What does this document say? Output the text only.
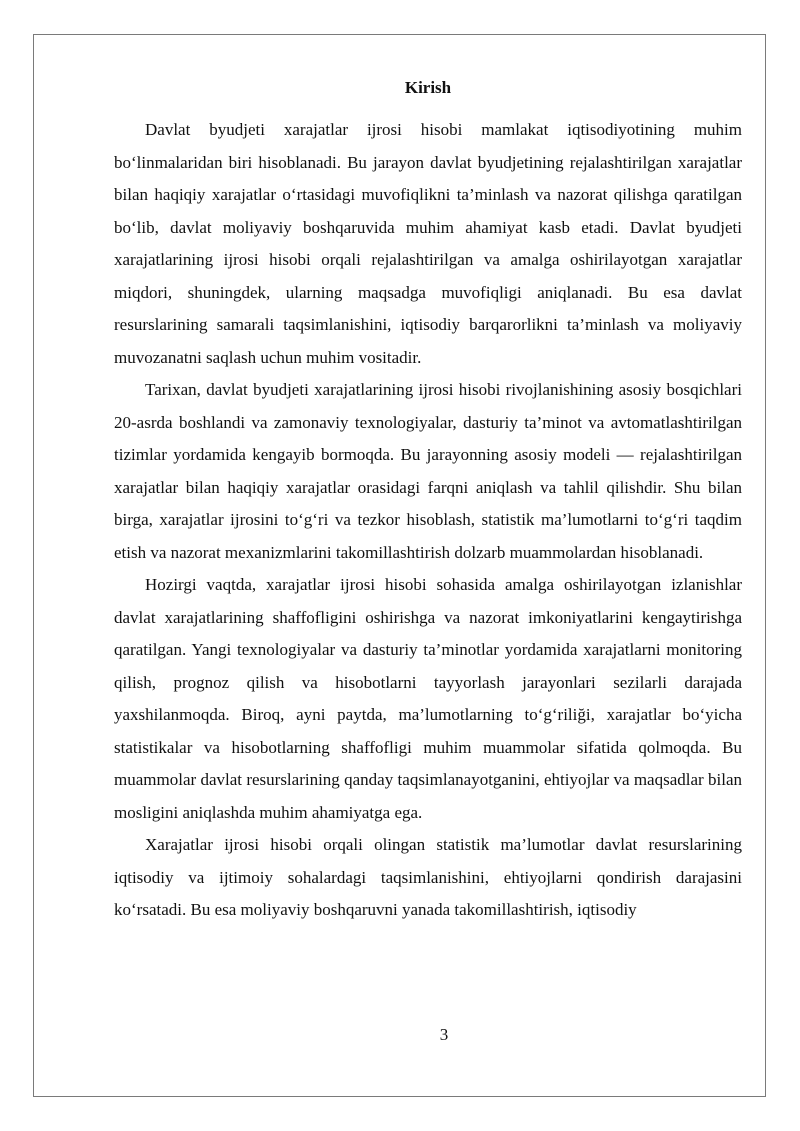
Kirish

Davlat byudjeti xarajatlar ijrosi hisobi mamlakat iqtisodiyotining muhim bo‘linmalaridan biri hisoblanadi. Bu jarayon davlat byudjetining rejalashtirilgan xarajatlar bilan haqiqiy xarajatlar o‘rtasidagi muvofiqlikni ta’minlash va nazorat qilishga qaratilgan bo‘lib, davlat moliyaviy boshqaruvida muhim ahamiyat kasb etadi. Davlat byudjeti xarajatlarining ijrosi hisobi orqali rejalashtirilgan va amalga oshirilayotgan xarajatlar miqdori, shuningdek, ularning maqsadga muvofiqligi aniqlanadi. Bu esa davlat resurslarining samarali taqsimlanishini, iqtisodiy barqarorlikni ta’minlash va moliyaviy muvozanatni saqlash uchun muhim vositadir.

Tarixan, davlat byudjeti xarajatlarining ijrosi hisobi rivojlanishining asosiy bosqichlari 20-asrda boshlandi va zamonaviy texnologiyalar, dasturiy ta’minot va avtomatlashtirilgan tizimlar yordamida kengayib bormoqda. Bu jarayonning asosiy modeli — rejalashtirilgan xarajatlar bilan haqiqiy xarajatlar orasidagi farqni aniqlash va tahlil qilishdir. Shu bilan birga, xarajatlar ijrosini to‘g‘ri va tezkor hisoblash, statistik ma’lumotlarni to‘g‘ri taqdim etish va nazorat mexanizmlarini takomillashtirish dolzarb muammolardan hisoblanadi.

Hozirgi vaqtda, xarajatlar ijrosi hisobi sohasida amalga oshirilayotgan izlanishlar davlat xarajatlarining shaffofligini oshirishga va nazorat imkoniyatlarini kengaytirishga qaratilgan. Yangi texnologiyalar va dasturiy ta’minotlar yordamida xarajatlarni monitoring qilish, prognoz qilish va hisobotlarni tayyorlash jarayonlari sezilarli darajada yaxshilanmoqda. Biroq, ayni paytda, ma’lumotlarning to‘g‘riliği, xarajatlar bo‘yicha statistikalar va hisobotlarning shaffofligi muhim muammolar sifatida qolmoqda. Bu muammolar davlat resurslarining qanday taqsimlanayotganini, ehtiyojlar va maqsadlar bilan mosligini aniqlashda muhim ahamiyatga ega.

Xarajatlar ijrosi hisobi orqali olingan statistik ma’lumotlar davlat resurslarining iqtisodiy va ijtimoiy sohalardagi taqsimlanishini, ehtiyojlarni qondirish darajasini ko‘rsatadi. Bu esa moliyaviy boshqaruvni yanada takomillashtirish, iqtisodiy

3
